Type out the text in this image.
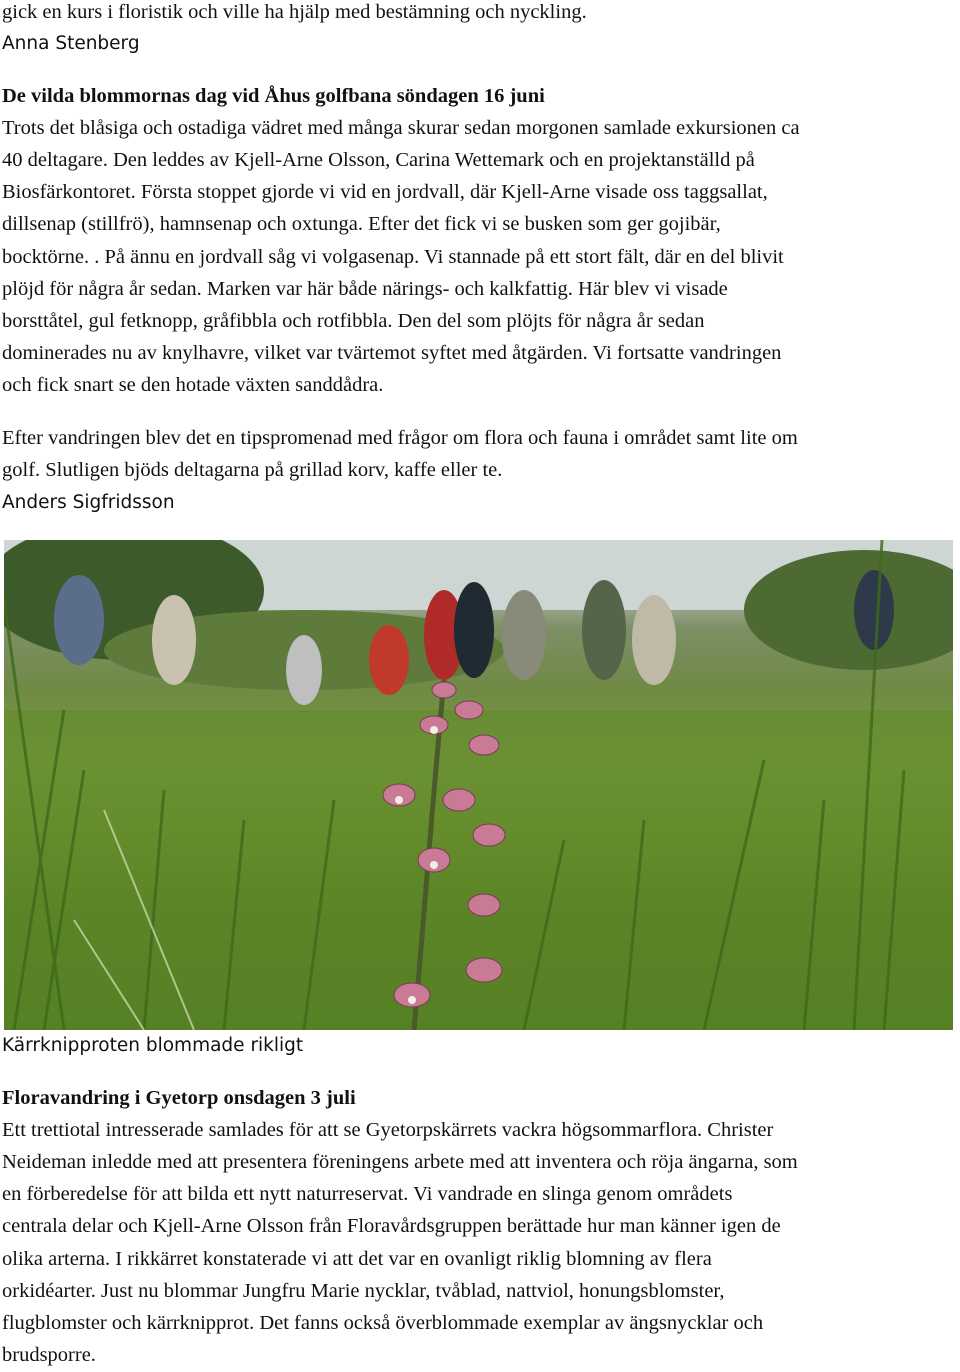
gick en kurs i floristik och ville ha hjälp med bestämning och nyckling.
Anna Stenberg
De vilda blommornas dag vid Åhus golfbana söndagen 16 juni
Trots det blåsiga och ostadiga vädret med många skurar sedan morgonen samlade exkursionen ca
40 deltagare. Den leddes av Kjell-Arne Olsson, Carina Wettemark och en projektanställd på
Biosfärkontoret. Första stoppet gjorde vi vid en jordvall, där Kjell-Arne visade oss taggsallat,
dillsenap (stillfrö), hamnsenap och oxtunga. Efter det fick vi se busken som ger gojibär,
bocktörne. . På ännu en jordvall såg vi volgasenap. Vi stannade på ett stort fält, där en del blivit
plöjd för några år sedan. Marken var här både närings- och kalkfattig. Här blev vi visade
borsttåtel, gul fetknopp, gråfibbla och rotfibbla. Den del som plöjts för några år sedan
dominerades nu av knylhavre, vilket var tvärtemot syftet med åtgärden. Vi fortsatte vandringen
och fick snart se den hotade växten sanddådra.
Efter vandringen blev det en tipspromenad med frågor om flora och fauna i området samt lite om
golf. Slutligen bjöds deltagarna på grillad korv, kaffe eller te.
Anders Sigfridsson
Kärrknipproten blommade rikligt
Floravandring i Gyetorp onsdagen 3 juli
Ett trettiotal intresserade samlades för att se Gyetorpskärrets vackra högsommarflora. Christer
Neideman inledde med att presentera föreningens arbete med att inventera och röja ängarna, som
en förberedelse för att bilda ett nytt naturreservat. Vi vandrade en slinga genom områdets
centrala delar och Kjell-Arne Olsson från Floravårdsgruppen berättade hur man känner igen de
olika arterna. I rikkärret konstaterade vi att det var en ovanligt riklig blomning av flera
orkidéarter. Just nu blommar Jungfru Marie nycklar, tvåblad, nattviol, honungsblomster,
flugblomster och kärrknipprot. Det fanns också överblommade exemplar av ängsnycklar och
brudsporre.
